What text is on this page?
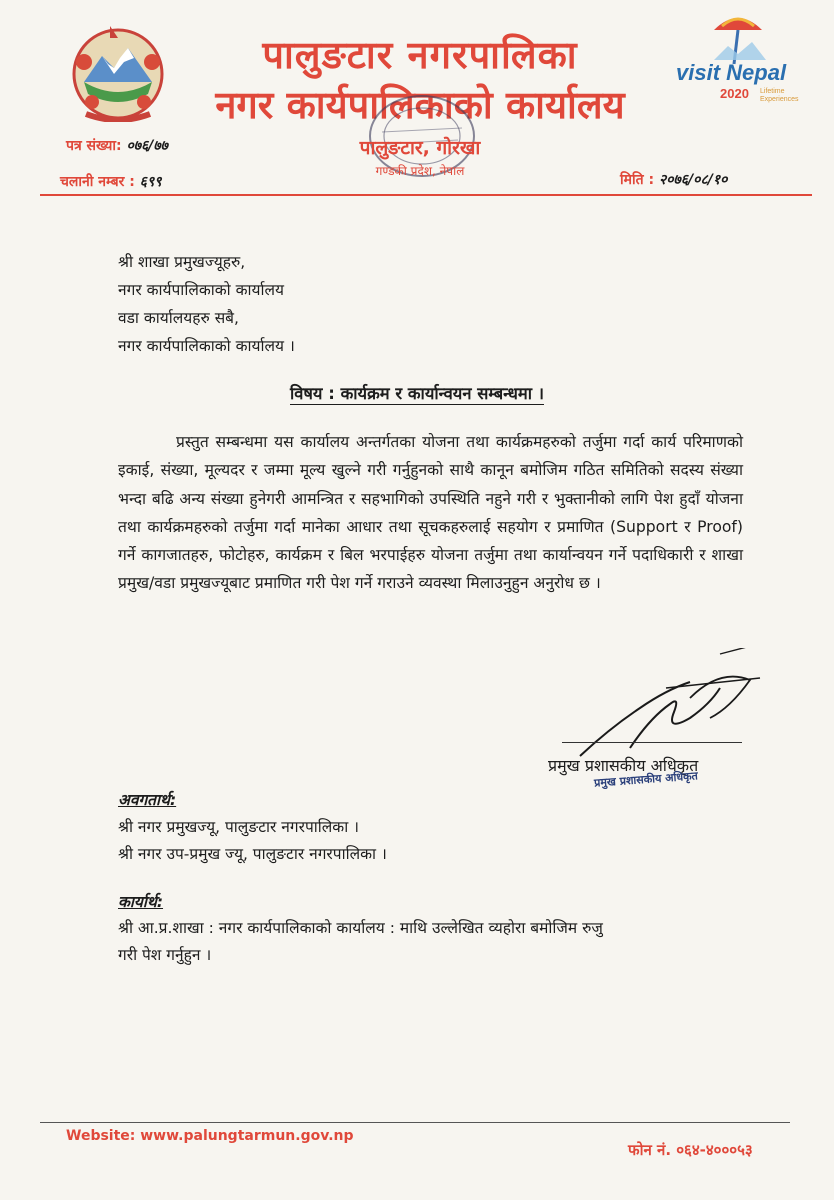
पालुङटार नगरपालिका
नगर कार्यपालिकाको कार्यालय
पालुङटार, गोरखा
गण्डकी प्रदेश, नेपाल
visit Nepal
2020 Lifetime Experiences
पत्र संख्या: ०७६/७७
चलानी नम्बर : ६९९	मिति : २०७६/०८/१०
श्री शाखा प्रमुखज्यूहरु,
नगर कार्यपालिकाको कार्यालय
वडा कार्यालयहरु सबै,
नगर कार्यपालिकाको कार्यालय ।
विषय : कार्यक्रम र कार्यान्वयन सम्बन्धमा ।
प्रस्तुत सम्बन्धमा यस कार्यालय अन्तर्गतका योजना तथा कार्यक्रमहरुको तर्जुमा गर्दा कार्य परिमाणको इकाई, संख्या, मूल्यदर र जम्मा मूल्य खुल्ने गरी गर्नुहुनको साथै कानून बमोजिम गठित समितिको सदस्य संख्या भन्दा बढि अन्य संख्या हुनेगरी आमन्त्रित र सहभागिको उपस्थिति नहुने गरी र भुक्तानीको लागि पेश हुदाँ योजना तथा कार्यक्रमहरुको तर्जुमा गर्दा मानेका आधार तथा सूचकहरुलाई सहयोग र प्रमाणित (Support र Proof) गर्ने कागजातहरु, फोटोहरु, कार्यक्रम र बिल भरपाईहरु योजना तर्जुमा तथा कार्यान्वयन गर्ने पदाधिकारी र शाखा प्रमुख/वडा प्रमुखज्यूबाट प्रमाणित गरी पेश गर्ने गराउने व्यवस्था मिलाउनुहुन अनुरोध छ ।
प्रमुख प्रशासकीय अधिकृत
प्रमुख प्रशासकीय अधिकृत
अवगतार्थ:
श्री नगर प्रमुखज्यू, पालुङटार नगरपालिका ।
श्री नगर उप-प्रमुख ज्यू, पालुङटार नगरपालिका ।
कार्यार्थ:
श्री आ.प्र.शाखा : नगर कार्यपालिकाको कार्यालय : माथि उल्लेखित व्यहोरा बमोजिम रुजु
गरी पेश गर्नुहुन ।
Website: www.palungtarmun.gov.np
फोन नं. ०६४-४०००५३
